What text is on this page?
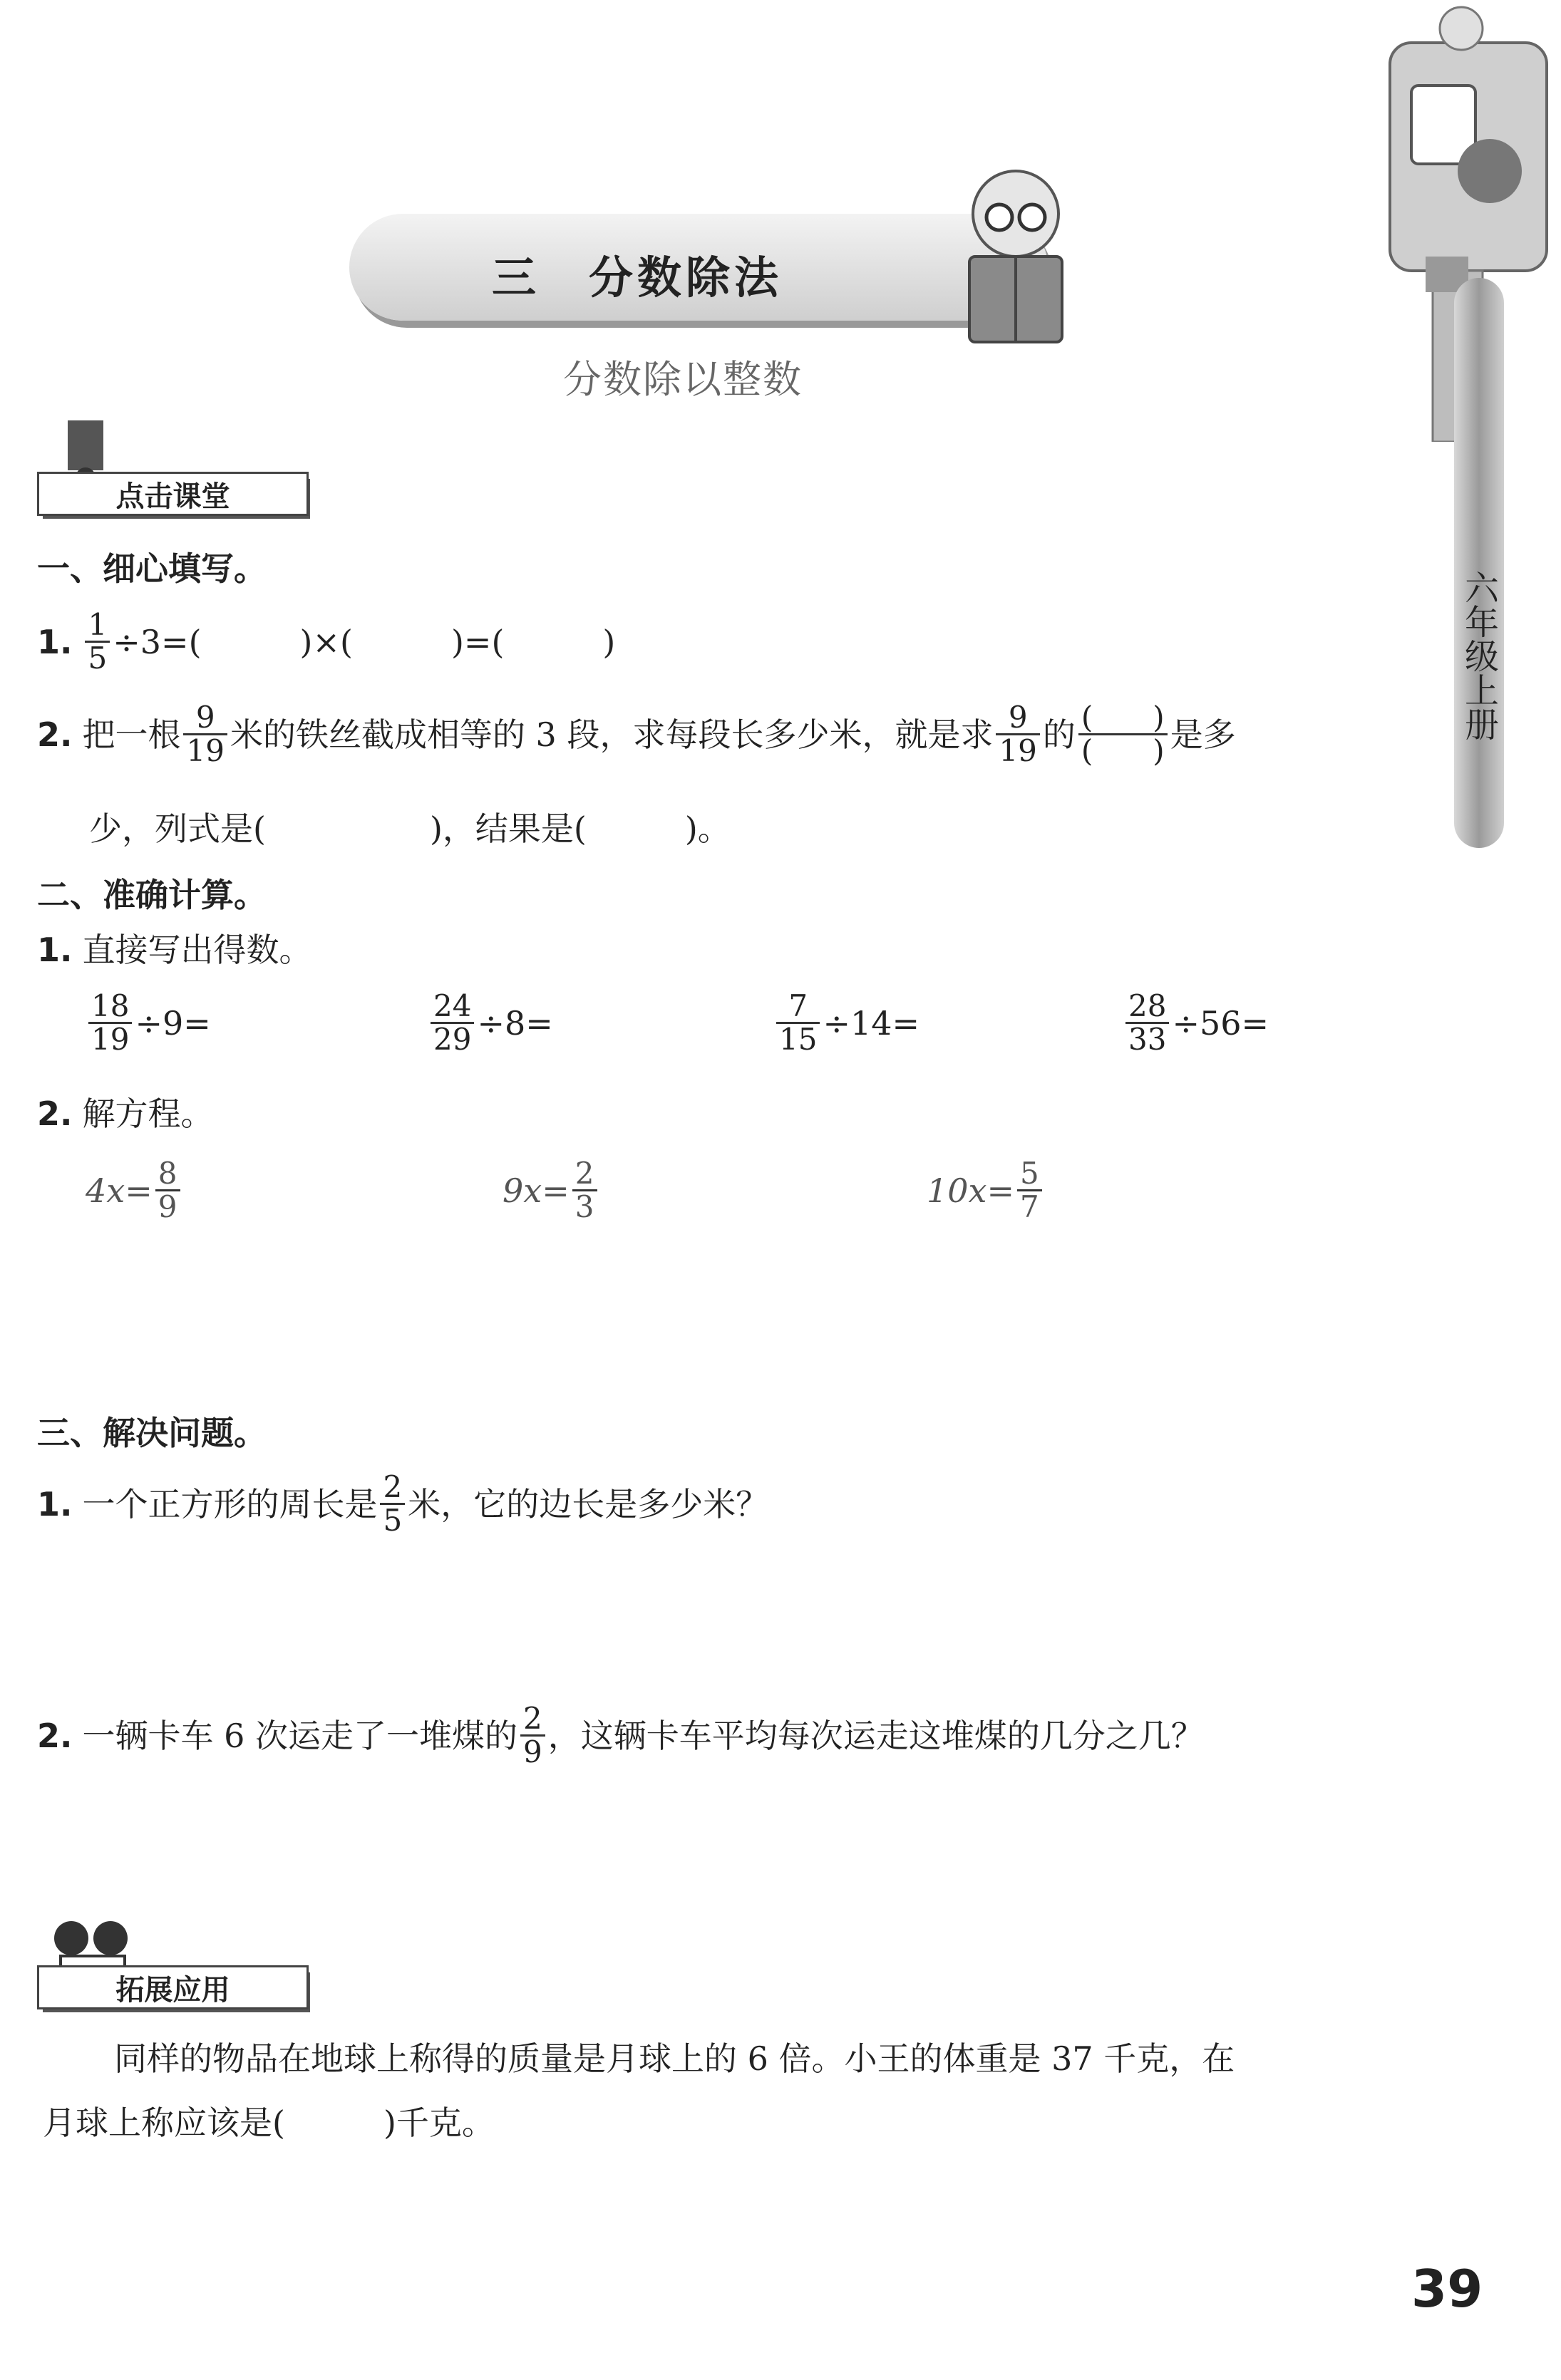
三　分数除法
分数除以整数
六年级上册
点击课堂
一、细心填写。
1. $\frac{1}{5} \div 3=$(　　　)×(　　　)=(　　　)
2. 把一根 $\frac{9}{19}$ 米的铁丝截成相等的 3 段，求每段长多少米，就是求 $\frac{9}{19}$ 的 $\frac{( )}{( )}$ 是多
少，列式是(　　　　　)，结果是(　　　)。
二、准确计算。
1. 直接写出得数。
$\frac{18}{19} \div 9=$	$\frac{24}{29} \div 8=$	$\frac{7}{15} \div 14=$	$\frac{28}{33} \div 56=$
2. 解方程。
$4x= \frac{8}{9}$	$9x= \frac{2}{3}$	$10x= \frac{5}{7}$
三、解决问题。
1. 一个正方形的周长是 $\frac{2}{5}$ 米，它的边长是多少米？
2. 一辆卡车 6 次运走了一堆煤的 $\frac{2}{9}$ ，这辆卡车平均每次运走这堆煤的几分之几？
拓展应用
同样的物品在地球上称得的质量是月球上的 6 倍。小王的体重是 37 千克，在
月球上称应该是(　　　)千克。
39
